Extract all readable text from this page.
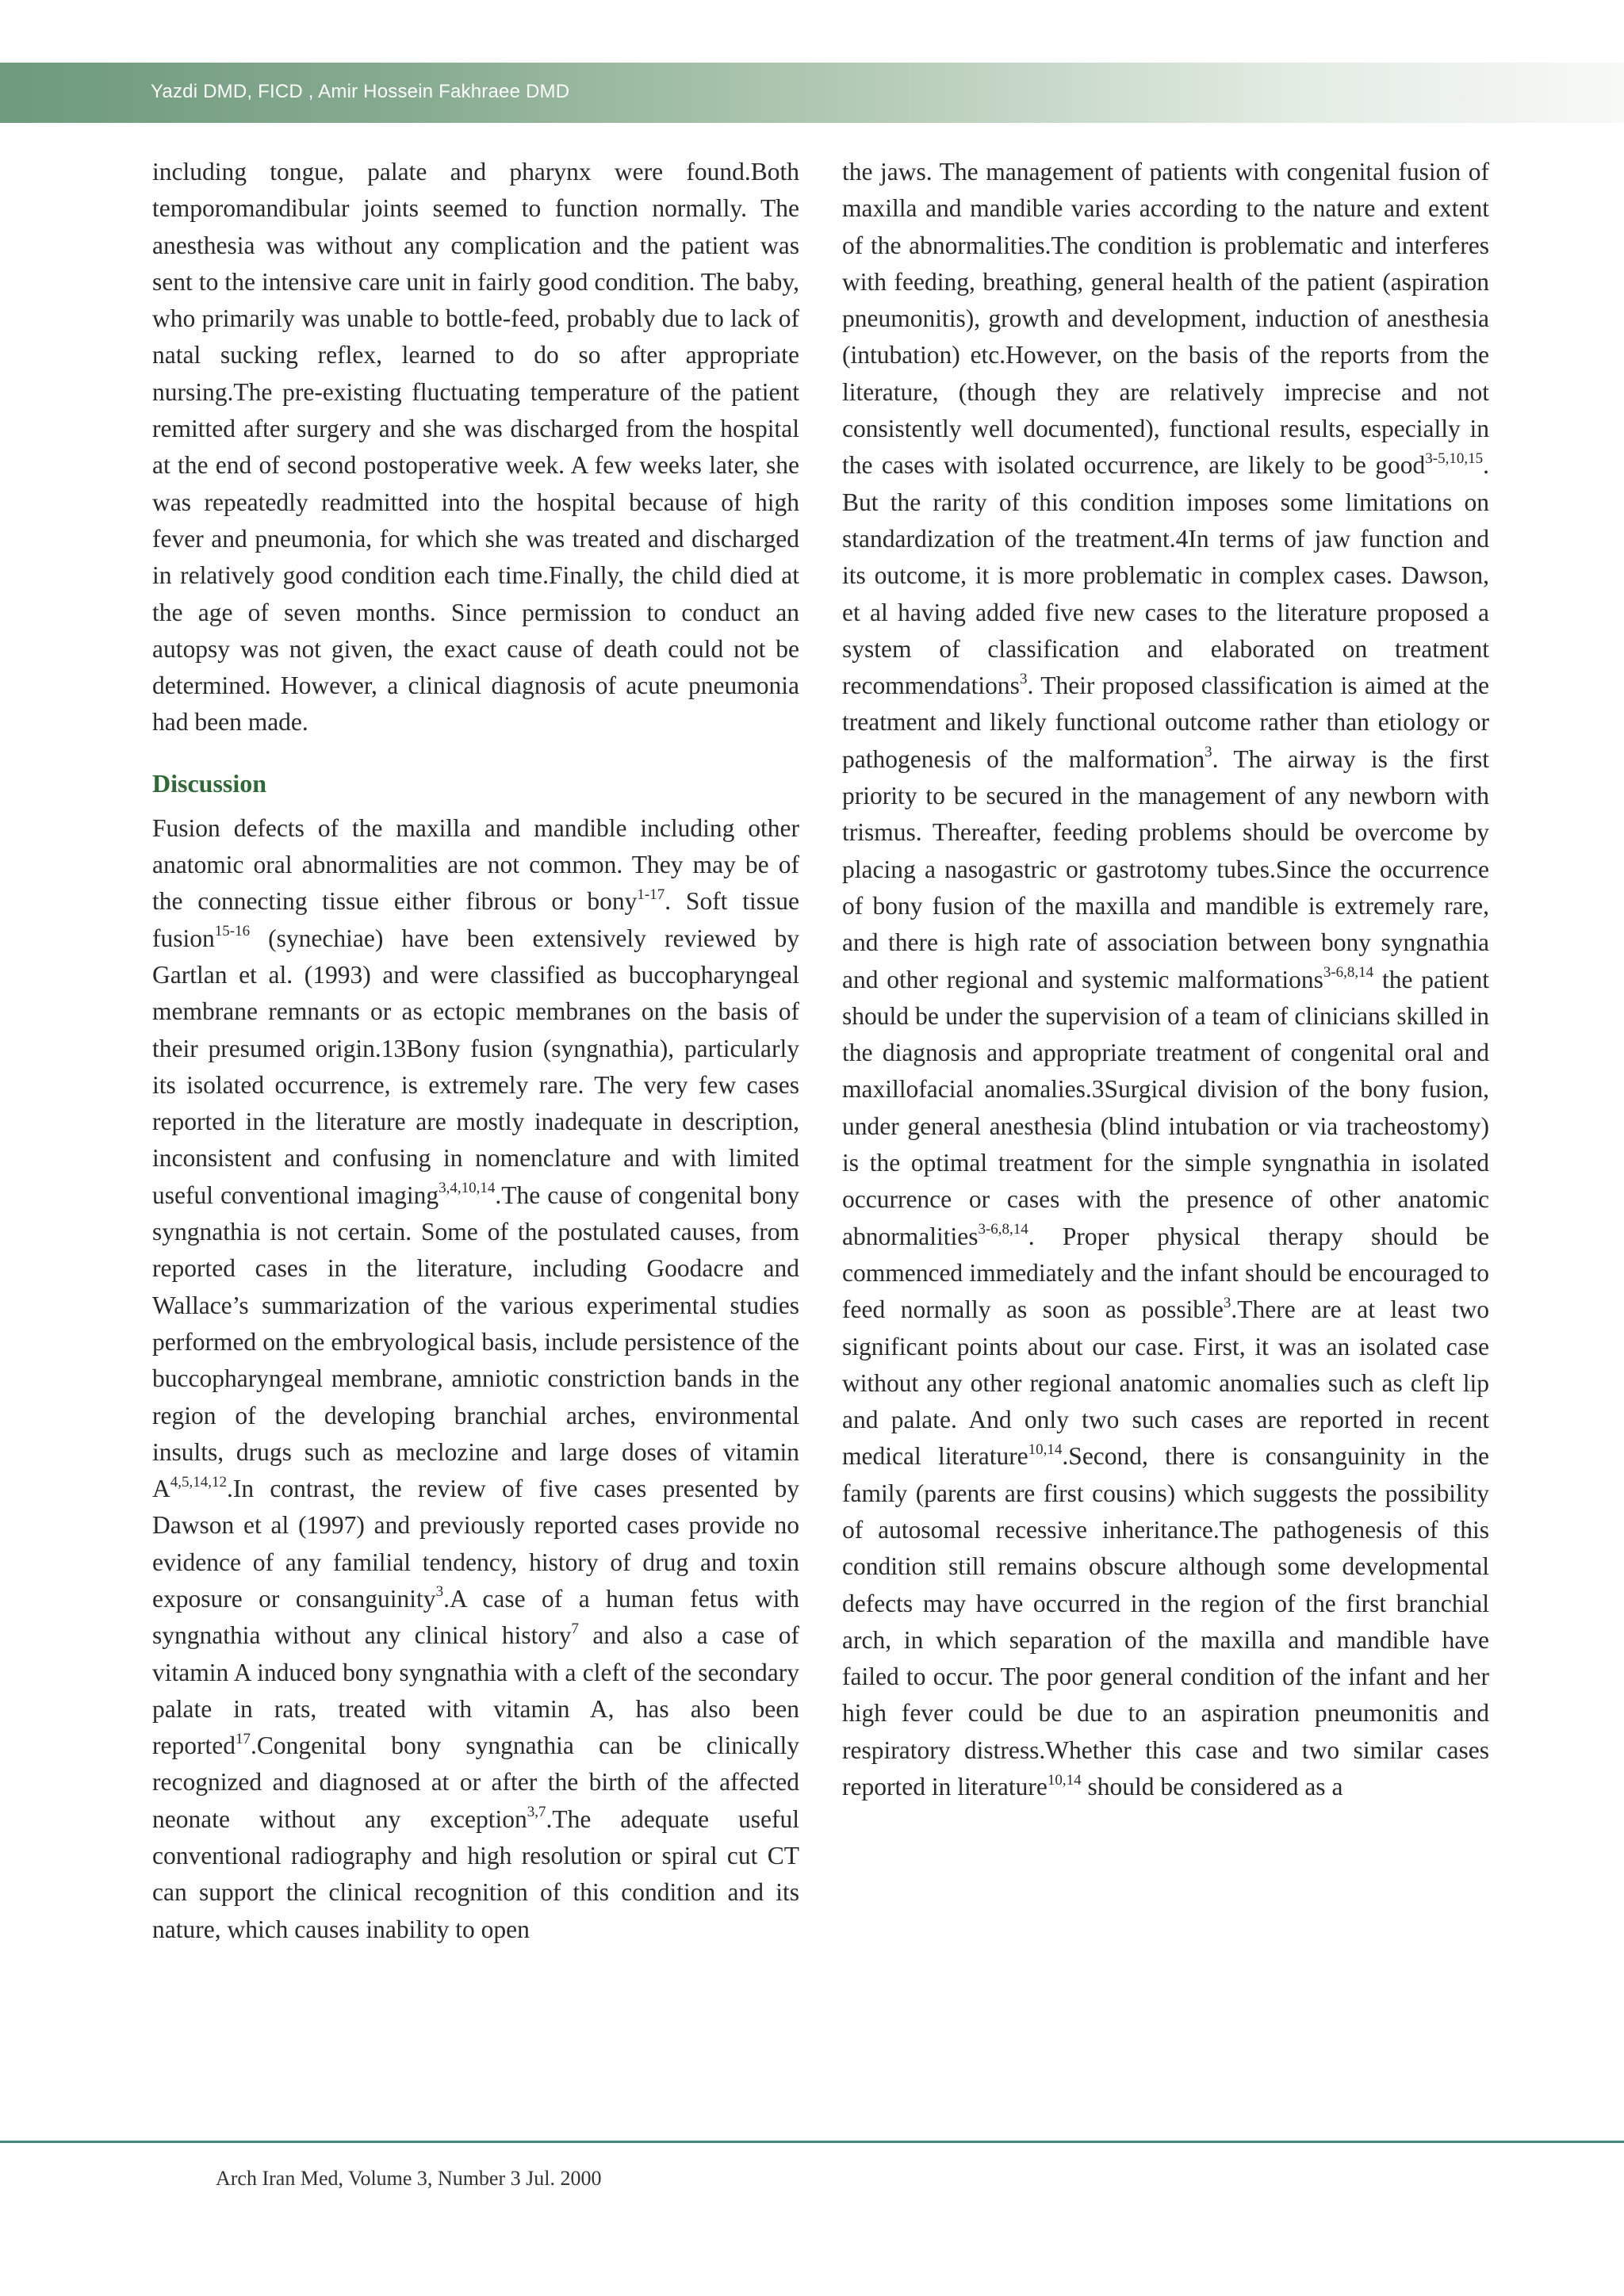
Yazdi DMD, FICD , Amir Hossein Fakhraee DMD

including tongue, palate and pharynx were found.Both temporomandibular joints seemed to function normally. The anesthesia was without any complication and the patient was sent to the intensive care unit in fairly good condition. The baby, who primarily was unable to bottle-feed, probably due to lack of natal sucking reflex, learned to do so after appropriate nursing.The pre-existing fluctuating temperature of the patient remitted after surgery and she was discharged from the hospital at the end of second postoperative week. A few weeks later, she was repeatedly readmitted into the hospital because of high fever and pneumonia, for which she was treated and discharged in relatively good condition each time.Finally, the child died at the age of seven months. Since permission to conduct an autopsy was not given, the exact cause of death could not be determined. However, a clinical diagnosis of acute pneumonia had been made.

Discussion

Fusion defects of the maxilla and mandible including other anatomic oral abnormalities are not common. They may be of the connecting tissue either fibrous or bony$^{1-17}$. Soft tissue fusion$^{15-16}$ (synechiae) have been extensively reviewed by Gartlan et al. (1993) and were classified as buccopharyngeal membrane remnants or as ectopic membranes on the basis of their presumed origin.13Bony fusion (syngnathia), particularly its isolated occurrence, is extremely rare. The very few cases reported in the literature are mostly inadequate in description, inconsistent and confusing in nomenclature and with limited useful conventional imaging$^{3,4,10,14}$.The cause of congenital bony syngnathia is not certain. Some of the postulated causes, from reported cases in the literature, including Goodacre and Wallace’s summarization of the various experimental studies performed on the embryological basis, include persistence of the buccopharyngeal membrane, amniotic constriction bands in the region of the developing branchial arches, environmental insults, drugs such as meclozine and large doses of vitamin A$^{4,5,14,12}$.In contrast, the review of five cases presented by Dawson et al (1997) and previously reported cases provide no evidence of any familial tendency, history of drug and toxin exposure or consanguinity$^3$.A case of a human fetus with syngnathia without any clinical history$^7$ and also a case of vitamin A induced bony syngnathia with a cleft of the secondary palate in rats, treated with vitamin A, has also been reported$^{17}$.Congenital bony syngnathia can be clinically recognized and diagnosed at or after the birth of the affected neonate without any exception$^{3,7}$.The adequate useful conventional radiography and high resolution or spiral cut CT can support the clinical recognition of this condition and its nature, which causes inability to open

the jaws. The management of patients with congenital fusion of maxilla and mandible varies according to the nature and extent of the abnormalities.The condition is problematic and interferes with feeding, breathing, general health of the patient (aspiration pneumonitis), growth and development, induction of anesthesia (intubation) etc.However, on the basis of the reports from the literature, (though they are relatively imprecise and not consistently well documented), functional results, especially in the cases with isolated occurrence, are likely to be good$^{3-5,10,15}$. But the rarity of this condition imposes some limitations on standardization of the treatment.4In terms of jaw function and its outcome, it is more problematic in complex cases. Dawson, et al having added five new cases to the literature proposed a system of classification and elaborated on treatment recommendations$^3$. Their proposed classification is aimed at the treatment and likely functional outcome rather than etiology or pathogenesis of the malformation$^3$. The airway is the first priority to be secured in the management of any newborn with trismus. Thereafter, feeding problems should be overcome by placing a nasogastric or gastrotomy tubes.Since the occurrence of bony fusion of the maxilla and mandible is extremely rare, and there is high rate of association between bony syngnathia and other regional and systemic malformations$^{3-6,8,14}$ the patient should be under the supervision of a team of clinicians skilled in the diagnosis and appropriate treatment of congenital oral and maxillofacial anomalies.3Surgical division of the bony fusion, under general anesthesia (blind intubation or via tracheostomy) is the optimal treatment for the simple syngnathia in isolated occurrence or cases with the presence of other anatomic abnormalities$^{3-6,8,14}$. Proper physical therapy should be commenced immediately and the infant should be encouraged to feed normally as soon as possible$^3$.There are at least two significant points about our case. First, it was an isolated case without any other regional anatomic anomalies such as cleft lip and palate. And only two such cases are reported in recent medical literature$^{10,14}$.Second, there is consanguinity in the family (parents are first cousins) which suggests the possibility of autosomal recessive inheritance.The pathogenesis of this condition still remains obscure although some developmental defects may have occurred in the region of the first branchial arch, in which separation of the maxilla and mandible have failed to occur. The poor general condition of the infant and her high fever could be due to an aspiration pneumonitis and respiratory distress.Whether this case and two similar cases reported in literature$^{10,14}$ should be considered as a

Arch Iran Med, Volume 3, Number 3 Jul. 2000
